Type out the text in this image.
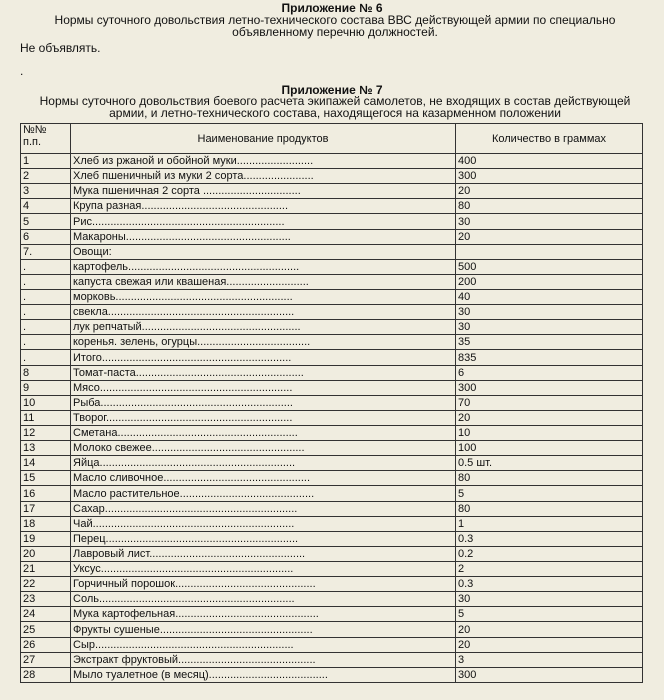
Приложение № 6
Нормы суточного довольствия летно-технического состава ВВС действующей армии по специально объявленному перечню должностей.
Не объявлять.
.
Приложение № 7
Нормы суточного довольствия боевого расчета экипажей самолетов, не входящих в состав действующей армии, и летно-технического состава, находящегося на казарменном положении
№№
п.п.	Наименование продуктов	Количество в граммах
1	Хлеб из ржаной и обойной муки.........................	400
2	Хлеб пшеничный из муки 2 сорта.......................	300
3	Мука пшеничная 2 сорта ................................	20
4	Крупа разная................................................	80
5	Рис...............................................................	30
6	Макароны......................................................	20
7.	Овощи:	
.	картофель........................................................	500
.	капуста свежая или квашеная...........................	200
.	морковь..........................................................	40
.	свекла.............................................................	30
.	лук репчатый....................................................	30
.	коренья. зелень, огурцы.....................................	35
.	Итого..............................................................	835
8	Томат-паста.......................................................	6
9	Мясо...............................................................	300
10	Рыба...............................................................	70
11	Творог.............................................................	20
12	Сметана...........................................................	10
13	Молоко свежее..................................................	100
14	Яйца................................................................	0.5 шт.
15	Масло сливочное................................................	80
16	Масло растительное............................................	5
17	Сахар...............................................................	80
18	Чай..................................................................	1
19	Перец...............................................................	0.3
20	Лавровый лист...................................................	0.2
21	Уксус...............................................................	2
22	Горчичный порошок..............................................	0.3
23	Соль................................................................	30
24	Мука картофельная...............................................	5
25	Фрукты сушеные..................................................	20
26	Сыр.................................................................	20
27	Экстракт фруктовый.............................................	3
28	Мыло туалетное (в месяц).......................................	300
